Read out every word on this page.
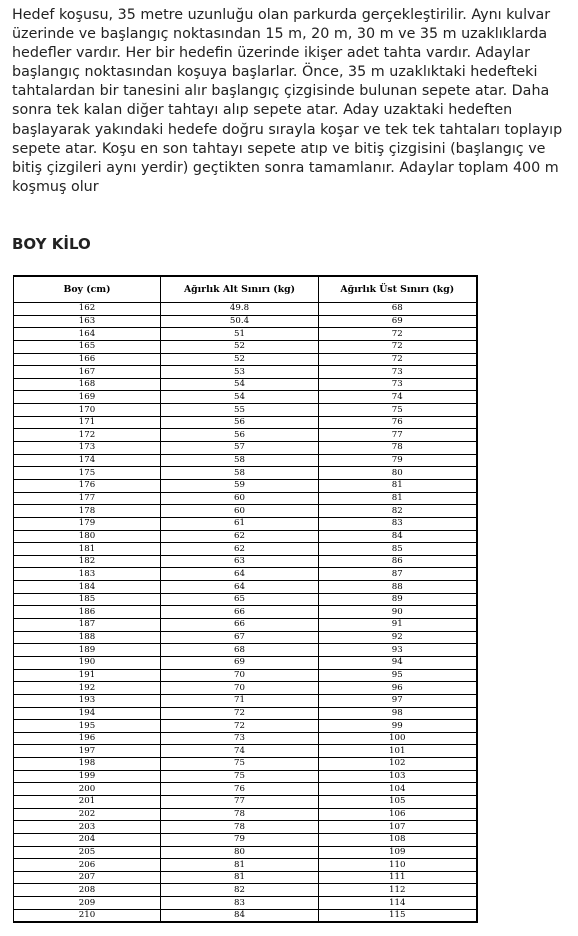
Hedef koşusu, 35 metre uzunluğu olan parkurda gerçekleştirilir. Aynı kulvar üzerinde ve başlangıç noktasından 15 m, 20 m, 30 m ve 35 m uzaklıklarda hedefler vardır. Her bir hedefin üzerinde ikişer adet tahta vardır. Adaylar başlangıç noktasından koşuya başlarlar. Önce, 35 m uzaklıktaki hedefteki tahtalardan bir tanesini alır başlangıç çizgisinde bulunan sepete atar. Daha sonra tek kalan diğer tahtayı alıp sepete atar. Aday uzaktaki hedeften başlayarak yakındaki hedefe doğru sırayla koşar ve tek tek tahtaları toplayıp sepete atar. Koşu en son tahtayı sepete atıp ve bitiş çizgisini (başlangıç ve bitiş çizgileri aynı yerdir) geçtikten sonra tamamlanır. Adaylar toplam 400 m koşmuş olur

BOY KİLO
Boy (cm)	Ağırlık Alt Sınırı (kg)	Ağırlık Üst Sınırı (kg)
162	49.8	68
163	50.4	69
164	51	72
165	52	72
166	52	72
167	53	73
168	54	73
169	54	74
170	55	75
171	56	76
172	56	77
173	57	78
174	58	79
175	58	80
176	59	81
177	60	81
178	60	82
179	61	83
180	62	84
181	62	85
182	63	86
183	64	87
184	64	88
185	65	89
186	66	90
187	66	91
188	67	92
189	68	93
190	69	94
191	70	95
192	70	96
193	71	97
194	72	98
195	72	99
196	73	100
197	74	101
198	75	102
199	75	103
200	76	104
201	77	105
202	78	106
203	78	107
204	79	108
205	80	109
206	81	110
207	81	111
208	82	112
209	83	114
210	84	115
